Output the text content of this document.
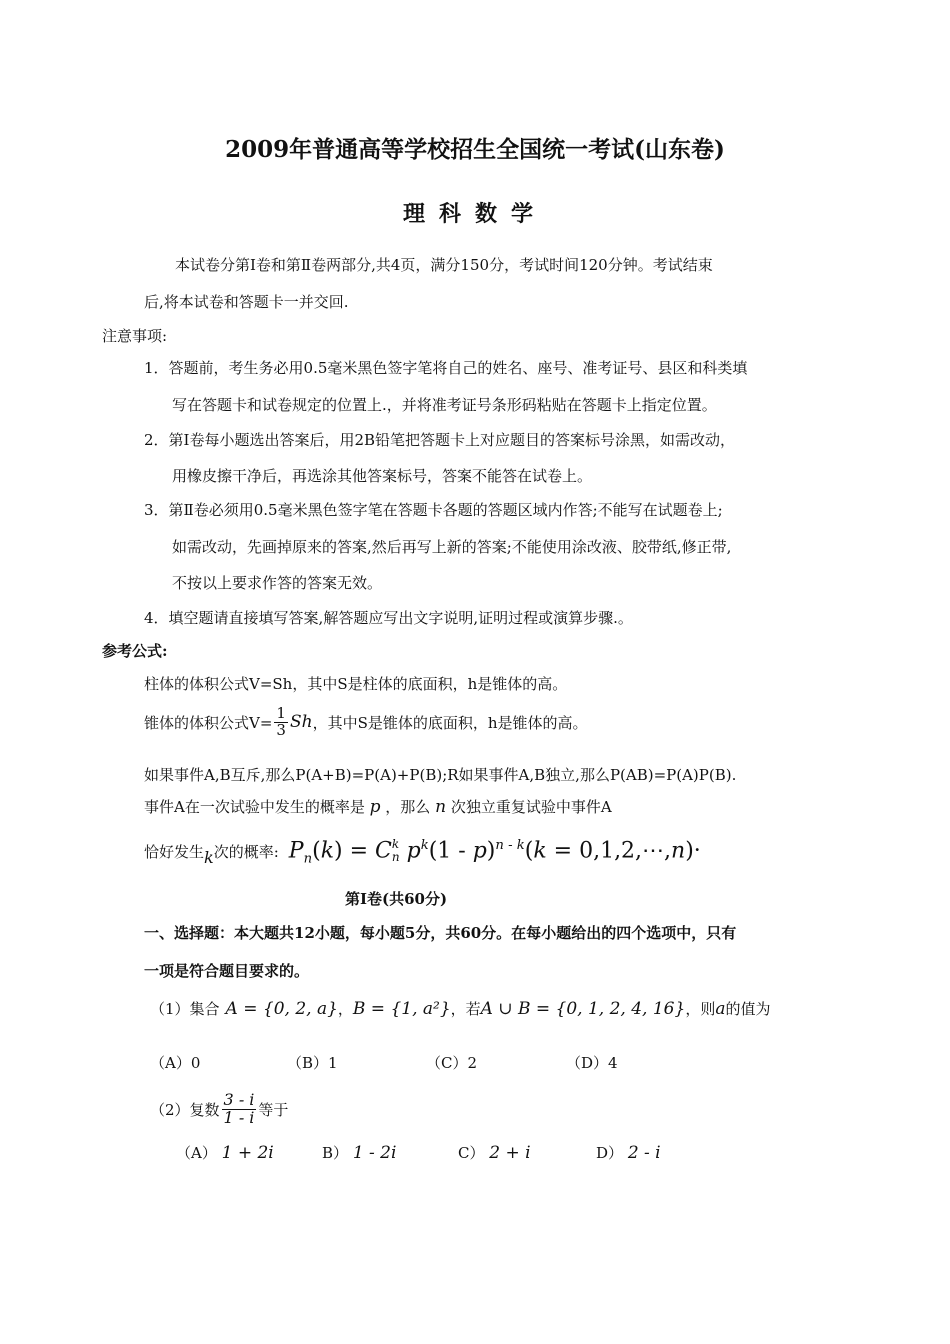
2009年普通高等学校招生全国统一考试(山东卷)
理科数学
本试卷分第Ⅰ卷和第Ⅱ卷两部分,共4页，满分150分，考试时间120分钟。考试结束
后,将本试卷和答题卡一并交回.
注意事项:
1．答题前，考生务必用0.5毫米黑色签字笔将自己的姓名、座号、准考证号、县区和科类填
写在答题卡和试卷规定的位置上.，并将准考证号条形码粘贴在答题卡上指定位置。
2．第Ⅰ卷每小题选出答案后，用2B铅笔把答题卡上对应题目的答案标号涂黑，如需改动，
用橡皮擦干净后，再选涂其他答案标号，答案不能答在试卷上。
3．第Ⅱ卷必须用0.5毫米黑色签字笔在答题卡各题的答题区域内作答;不能写在试题卷上;
如需改动，先画掉原来的答案,然后再写上新的答案;不能使用涂改液、胶带纸,修正带,
不按以上要求作答的答案无效。
4．填空题请直接填写答案,解答题应写出文字说明,证明过程或演算步骤.。
参考公式:
柱体的体积公式V=Sh，其中S是柱体的底面积，h是锥体的高。
锥体的体积公式$V= \frac{1}{3}$ Sh ，其中S是锥体的底面积，h是锥体的高。
如果事件A,B互斥,那么P(A+B)=P(A)+P(B);R如果事件A,B独立,那么P(AB)=P(A)P(B).
事件A在一次试验中发生的概率是 p ，那么 n 次独立重复试验中事件A
恰好发生 k 次的概率: $P_n(k) = C$ k
n $p^k(1 - p)^{n - k}(k$ = 0,1,2,⋯,n)·
第Ⅰ卷(共60分)
一、选择题：本大题共12小题，每小题5分，共60分。在每小题给出的四个选项中，只有
一项是符合题目要求的。
（1）集合 A = {0, 2, a} ， B = {1, a²} ，若 A ∪ B = {0, 1, 2, 4, 16} ，则 a 的值为
（A）0	（B）1	（C）2	（D）4
（2）复数 $\frac{3 - i}{1 - i}$ 等于
（A） 1 + 2i	B） 1 - 2i	C） 2 + i	D） 2 - i
